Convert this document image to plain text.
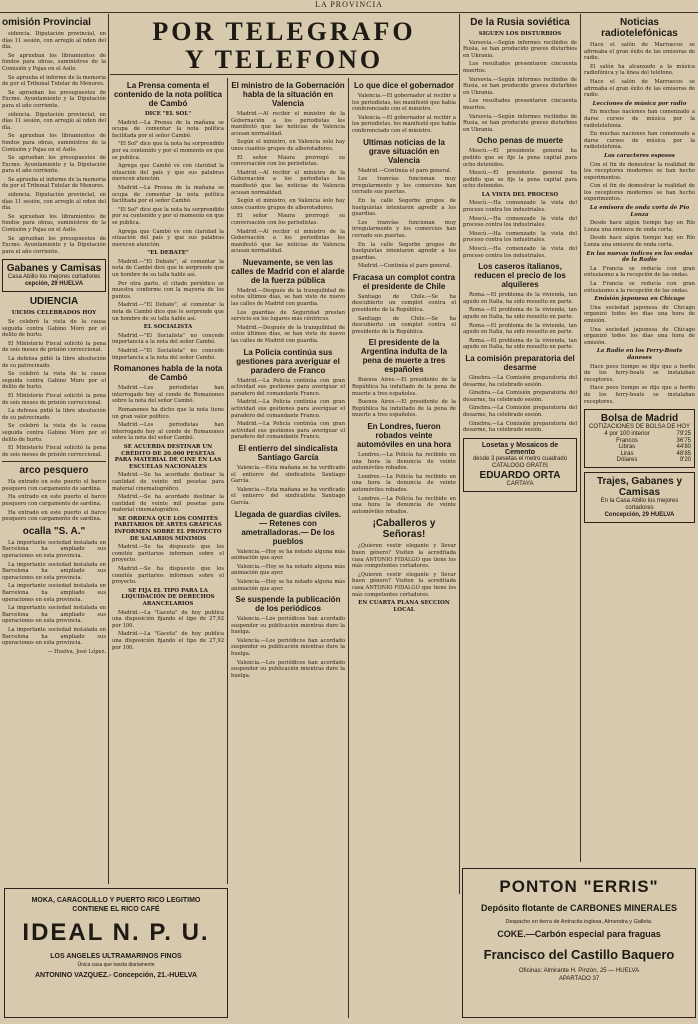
LA PROVINCIA
POR TELEGRAFO
Y TELEFONO
omisión Provincial

sidencia. Diputación provincial, en días 11 sesión, con arreglo al nden del día.

Se aprueban los libramientos de fondos para obras, suministros de la Comisión y Pajas en el Asilo.

Se aprueba el informe de la memoria de por el Tribunal Tutelar de Menores.

Se aprueban los presupuestos de Excmo. Ayuntamiento y la Diputación para el año corriente.

sidencia. Diputación provincial, en días 11 sesión, con arreglo al nden del día.

Se aprueban los libramientos de fondos para obras, suministros de la Comisión y Pajas en el Asilo.

Se aprueban los presupuestos de Excmo. Ayuntamiento y la Diputación para el año corriente.

Se aprueba el informe de la memoria de por el Tribunal Tutelar de Menores.

sidencia. Diputación provincial, en días 11 sesión, con arreglo al nden del día.

Se aprueban los libramientos de fondos para obras, suministros de la Comisión y Pajas en el Asilo.

Se aprueban los presupuestos de Excmo. Ayuntamiento y la Diputación para el año corriente.

Gabanes y Camisas
Casa Abillo los mejores cortadores
cepción, 29 HUELVA
UDIENCIA
UICIOS CELEBRADOS HOY

Se celebró la vista de la causa seguida contra Gabino Moro por el delito de hurto.

El Ministerio Fiscal solicitó la pena de seis meses de prisión correccional.

La defensa pidió la libre absolución de su patrocinado.

Se celebró la vista de la causa seguida contra Gabino Moro por el delito de hurto.

El Ministerio Fiscal solicitó la pena de seis meses de prisión correccional.

La defensa pidió la libre absolución de su patrocinado.

Se celebró la vista de la causa seguida contra Gabino Moro por el delito de hurto.

El Ministerio Fiscal solicitó la pena de seis meses de prisión correccional.

arco pesquero

Ha entrado en este puerto el barco pesquero con cargamento de sardina.

Ha entrado en este puerto el barco pesquero con cargamento de sardina.

Ha entrado en este puerto el barco pesquero con cargamento de sardina.

ocalla "S. A."

La importante sociedad instalada en Barcelona ha ampliado sus operaciones en esta provincia.

La importante sociedad instalada en Barcelona ha ampliado sus operaciones en esta provincia.

La importante sociedad instalada en Barcelona ha ampliado sus operaciones en esta provincia.

La importante sociedad instalada en Barcelona ha ampliado sus operaciones en esta provincia.

La importante sociedad instalada en Barcelona ha ampliado sus operaciones en esta provincia.

— Huelva, José López.

La Prensa comenta el contenido de la nota política de Cambó
DICE "EL SOL"

Madrid.—La Prensa de la mañana se ocupa de comentar la nota política facilitada por el señor Cambó.

"El Sol" dice que la nota ha sorprendido por su contenido y por el momento en que se publica.

Agrega que Cambó ve con claridad la situación del país y que sus palabras merecen atención.

Madrid.—La Prensa de la mañana se ocupa de comentar la nota política facilitada por el señor Cambó.

"El Sol" dice que la nota ha sorprendido por su contenido y por el momento en que se publica.

Agrega que Cambó ve con claridad la situación del país y que sus palabras merecen atención.

"EL DEBATE"

Madrid.—"El Debate", al comentar la nota de Cambó dice que le sorprende que un hombre de su talla hable así.

Por otra parte, el citado periódico se muestra conforme con la mayoría de los puntos.

Madrid.—"El Debate", al comentar la nota de Cambó dice que le sorprende que un hombre de su talla hable así.

EL SOCIALISTA

Madrid.—"El Socialista" no concede importancia a la nota del señor Cambó.

Madrid.—"El Socialista" no concede importancia a la nota del señor Cambó.

Romanones habla de la nota de Cambó

Madrid.—Los periodistas han interrogado hoy al conde de Romanones sobre la nota del señor Cambó.

Romanones ha dicho que la nota tiene un gran valor político.

Madrid.—Los periodistas han interrogado hoy al conde de Romanones sobre la nota del señor Cambó.

SE ACUERDA DESTINAR UN CRÉDITO DE 20.000 PESETAS PARA MATERIAL DE CINE EN LAS ESCUELAS NACIONALES

Madrid.—Se ha acordado destinar la cantidad de veinte mil pesetas para material cinematográfico.

Madrid.—Se ha acordado destinar la cantidad de veinte mil pesetas para material cinematográfico.

SE ORDENA QUE LOS COMITÉS PARITARIOS DE ARTES GRÁFICAS INFORMEN SOBRE EL PROYECTO DE SALARIOS MÍNIMOS

Madrid.—Se ha dispuesto que los comités paritarios informen sobre el proyecto.

Madrid.—Se ha dispuesto que los comités paritarios informen sobre el proyecto.

SE FIJA EL TIPO PARA LA LIQUIDACIÓN DE DERECHOS ARANCELARIOS

Madrid.—La "Gaceta" de hoy publica una disposición fijando el tipo de 27,92 por 100.

Madrid.—La "Gaceta" de hoy publica una disposición fijando el tipo de 27,92 por 100.

El ministro de la Gobernación habla de la situación en Valencia

Madrid.—Al recibir el ministro de la Gobernación a los periodistas les manifestó que las noticias de Valencia acusan normalidad.

Según el ministro, en Valencia solo hay unos cuantos grupos de alborotadores.

El señor Maura prorrogó su conversación con los periodistas.

Madrid.—Al recibir el ministro de la Gobernación a los periodistas les manifestó que las noticias de Valencia acusan normalidad.

Según el ministro, en Valencia solo hay unos cuantos grupos de alborotadores.

El señor Maura prorrogó su conversación con los periodistas.

Madrid.—Al recibir el ministro de la Gobernación a los periodistas les manifestó que las noticias de Valencia acusan normalidad.

Nuevamente, se ven las calles de Madrid con el alarde de la fuerza pública

Madrid.—Después de la tranquilidad de estos últimos días, se han visto de nuevo las calles de Madrid con guardia.

Los guardias de Seguridad prestan servicio en los lugares más céntricos.

Madrid.—Después de la tranquilidad de estos últimos días, se han visto de nuevo las calles de Madrid con guardia.

La Policía continúa sus gestiones para averiguar el paradero de Franco

Madrid.—La Policía continúa con gran actividad sus gestiones para averiguar el paradero del comandante Franco.

Madrid.—La Policía continúa con gran actividad sus gestiones para averiguar el paradero del comandante Franco.

Madrid.—La Policía continúa con gran actividad sus gestiones para averiguar el paradero del comandante Franco.

El entierro del sindicalista Santiago García

Valencia.—Esta mañana se ha verificado el entierro del sindicalista Santiago García.

Valencia.—Esta mañana se ha verificado el entierro del sindicalista Santiago García.

Llegada de guardias civiles.— Retenes con ametralladoras.— De los pueblos

Valencia.—Hoy se ha notado alguna más animación que ayer.

Valencia.—Hoy se ha notado alguna más animación que ayer.

Valencia.—Hoy se ha notado alguna más animación que ayer.

Se suspende la publicación de los periódicos

Valencia.—Los periódicos han acordado suspender su publicación mientras dure la huelga.

Valencia.—Los periódicos han acordado suspender su publicación mientras dure la huelga.

Valencia.—Los periódicos han acordado suspender su publicación mientras dure la huelga.

Lo que dice el gobernador

Valencia.—El gobernador al recibir a los periodistas, les manifestó que había conferenciado con el ministro.

Valencia.—El gobernador al recibir a los periodistas, les manifestó que había conferenciado con el ministro.

Ultimas noticias de la grave situación en Valencia

Madrid.—Continúa el paro general.

Los tranvías funcionan muy irregularmente y los comercios han cerrado sus puertas.

En la calle Segorbe grupos de huelguistas intentaron agredir a los guardias.

Los tranvías funcionan muy irregularmente y los comercios han cerrado sus puertas.

En la calle Segorbe grupos de huelguistas intentaron agredir a los guardias.

Madrid.—Continúa el paro general.

Fracasa un complot contra el presidente de Chile

Santiago de Chile.—Se ha descubierto un complot contra el presidente de la República.

Santiago de Chile.—Se ha descubierto un complot contra el presidente de la República.

El presidente de la Argentina indulta de la pena de muerte a tres españoles

Buenos Aires.—El presidente de la República ha indultado de la pena de muerte a tres españoles.

Buenos Aires.—El presidente de la República ha indultado de la pena de muerte a tres españoles.

En Londres, fueron robados veinte automóviles en una hora

Londres.—La Policía ha recibido en una hora la denuncia de veinte automóviles robados.

Londres.—La Policía ha recibido en una hora la denuncia de veinte automóviles robados.

Londres.—La Policía ha recibido en una hora la denuncia de veinte automóviles robados.

¡Caballeros y Señoras!

¿Quieren vestir elegante y llevar buen género? Visiten la acreditada casa ANTONIO FIDALGO que tiene los más competentes cortadores.

¿Quieren vestir elegante y llevar buen género? Visiten la acreditada casa ANTONIO FIDALGO que tiene los más competentes cortadores.

EN CUARTA PLANA SECCION LOCAL
De la Rusia soviética
SIGUEN LOS DISTURBIOS

Varsovia.—Según informes recibidos de Rusia, se han producido graves disturbios en Ukrania.

Los resultados presentaron cincuenta muertos.

Varsovia.—Según informes recibidos de Rusia, se han producido graves disturbios en Ukrania.

Los resultados presentaron cincuenta muertos.

Varsovia.—Según informes recibidos de Rusia, se han producido graves disturbios en Ukrania.

Ocho penas de muerte

Moscú.—El presidente general ha pedido que se fije la pena capital para ocho detenidos.

Moscú.—El presidente general ha pedido que se fije la pena capital para ocho detenidos.

LA VISTA DEL PROCESO

Moscú.—Ha comenzado la vista del proceso contra los industriales.

Moscú.—Ha comenzado la vista del proceso contra los industriales.

Moscú.—Ha comenzado la vista del proceso contra los industriales.

Moscú.—Ha comenzado la vista del proceso contra los industriales.

Los caseros italianos, reducen el precio de los alquileres

Roma.—El problema de la vivienda, tan agudo en Italia, ha sido resuelto en parte.

Roma.—El problema de la vivienda, tan agudo en Italia, ha sido resuelto en parte.

Roma.—El problema de la vivienda, tan agudo en Italia, ha sido resuelto en parte.

Roma.—El problema de la vivienda, tan agudo en Italia, ha sido resuelto en parte.

La comisión preparatoria del desarme

Ginebra.—La Comisión preparatoria del desarme, ha celebrado sesión.

Ginebra.—La Comisión preparatoria del desarme, ha celebrado sesión.

Ginebra.—La Comisión preparatoria del desarme, ha celebrado sesión.

Ginebra.—La Comisión preparatoria del desarme, ha celebrado sesión.

Losetas y Mosaicos de Cemento
desde 3 pesetas el metro cuadrado
CATALOGO GRATIS
EDUARDO ORTA
CARTAYA
Noticias radiotelefónicas

Hace el salón de Marruecos se afirmaba el gran éxito de las emisoras de radio.

El salón ha alcanzado a la música radiofónica y la línea del teléfono.

Hace el salón de Marruecos se afirmaba el gran éxito de las emisoras de radio.

Lecciones de música por radio

En muchas naciones han comenzado a darse cursos de música por la radiotelefonía.

En muchas naciones han comenzado a darse cursos de música por la radiotelefonía.

Los caracteres esposos

Con el fin de demostrar la realidad de los receptores modernos se han hecho experimentos.

Con el fin de demostrar la realidad de los receptores modernos se han hecho experimentos.

La emisora de onda corta de Pío Lonza

Desde hace algún tiempo hay en Río Lonza una emisora de onda corta.

Desde hace algún tiempo hay en Río Lonza una emisora de onda corta.

En las nuevas índices en las ondas de la Radio

La Francia se reducía con gran entusiasmo a la recepción de las ondas.

La Francia se reducía con gran entusiasmo a la recepción de las ondas.

Emisión japonesa en Chicago

Una sociedad japonesa de Chicago organizó todos los días una hora de emisión.

Una sociedad japonesa de Chicago organizó todos los días una hora de emisión.

La Radio en los Ferry-Boats daneses

Hace poco tiempo se dijo que a bordo de los ferry-boats se instalaban receptores.

Hace poco tiempo se dijo que a bordo de los ferry-boats se instalaban receptores.

Bolsa de Madrid
COTIZACIONES DE BOLSA DE HOY
4 por 100 interior	79'25
Francos	36'75
Libras	44'80
Liras	48'85
Dólares	9'20
Trajes, Gabanes y Camisas
En la Casa Abillo los mejores cortadores
Concepción, 29 HUELVA
MOKA, CARACOLILLO Y PUERTO RICO LEGITIMO
CONTIENE EL RICO CAFÉ
IDEAL N. P. U.
LOS ANGELES ULTRAMARINOS FINOS
Única casa que tuesta diariamente
ANTONINO VAZQUEZ.- Concepción, 21.-HUELVA
PONTON "ERRIS"
Depósito flotante de CARBONES MINERALES
Despacho en tierra de Antracita inglesa, Almendra y Galleta.
COKE.—Carbón especial para fraguas
Francisco del Castillo Baquero
Oficinas: Almirante H. Pinzón, 25 — HUELVA
APARTADO 37
